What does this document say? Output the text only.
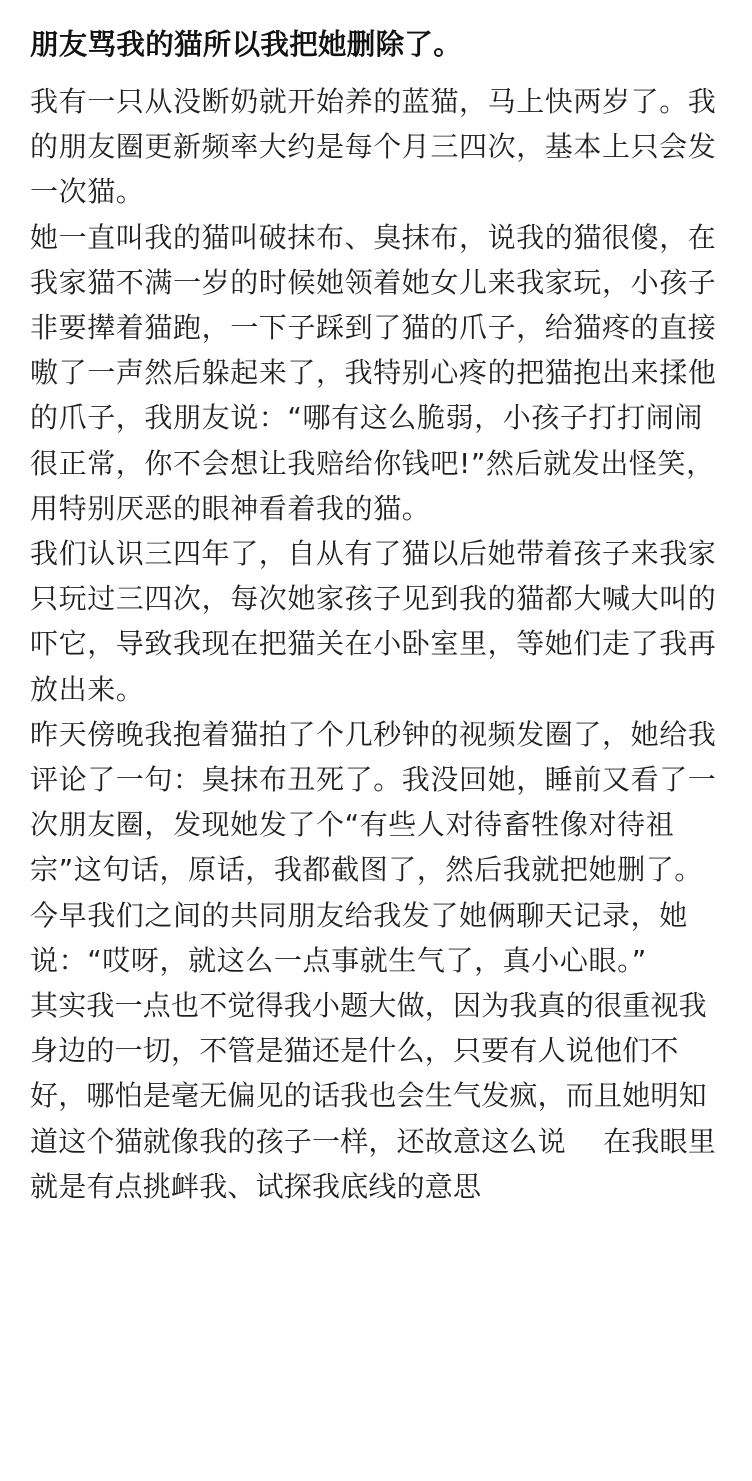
朋友骂我的猫所以我把她删除了。

我有一只从没断奶就开始养的蓝猫，马上快两岁了。我的朋友圈更新频率大约是每个月三四次，基本上只会发一次猫。

她一直叫我的猫叫破抹布、臭抹布，说我的猫很傻，在我家猫不满一岁的时候她领着她女儿来我家玩，小孩子非要撵着猫跑，一下子踩到了猫的爪子，给猫疼的直接嗷了一声然后躲起来了，我特别心疼的把猫抱出来揉他的爪子，我朋友说：“哪有这么脆弱，小孩子打打闹闹很正常，你不会想让我赔给你钱吧!”然后就发出怪笑，用特别厌恶的眼神看着我的猫。

我们认识三四年了，自从有了猫以后她带着孩子来我家只玩过三四次，每次她家孩子见到我的猫都大喊大叫的吓它，导致我现在把猫关在小卧室里，等她们走了我再放出来。

昨天傍晚我抱着猫拍了个几秒钟的视频发圈了，她给我评论了一句：臭抹布丑死了。我没回她，睡前又看了一次朋友圈，发现她发了个“有些人对待畜牲像对待祖宗”这句话，原话，我都截图了，然后我就把她删了。今早我们之间的共同朋友给我发了她俩聊天记录，她说：“哎呀，就这么一点事就生气了，真小心眼。”

其实我一点也不觉得我小题大做，因为我真的很重视我身边的一切，不管是猫还是什么，只要有人说他们不好，哪怕是毫无偏见的话我也会生气发疯，而且她明知道这个猫就像我的孩子一样，还故意这么说　 在我眼里就是有点挑衅我、试探我底线的意思
